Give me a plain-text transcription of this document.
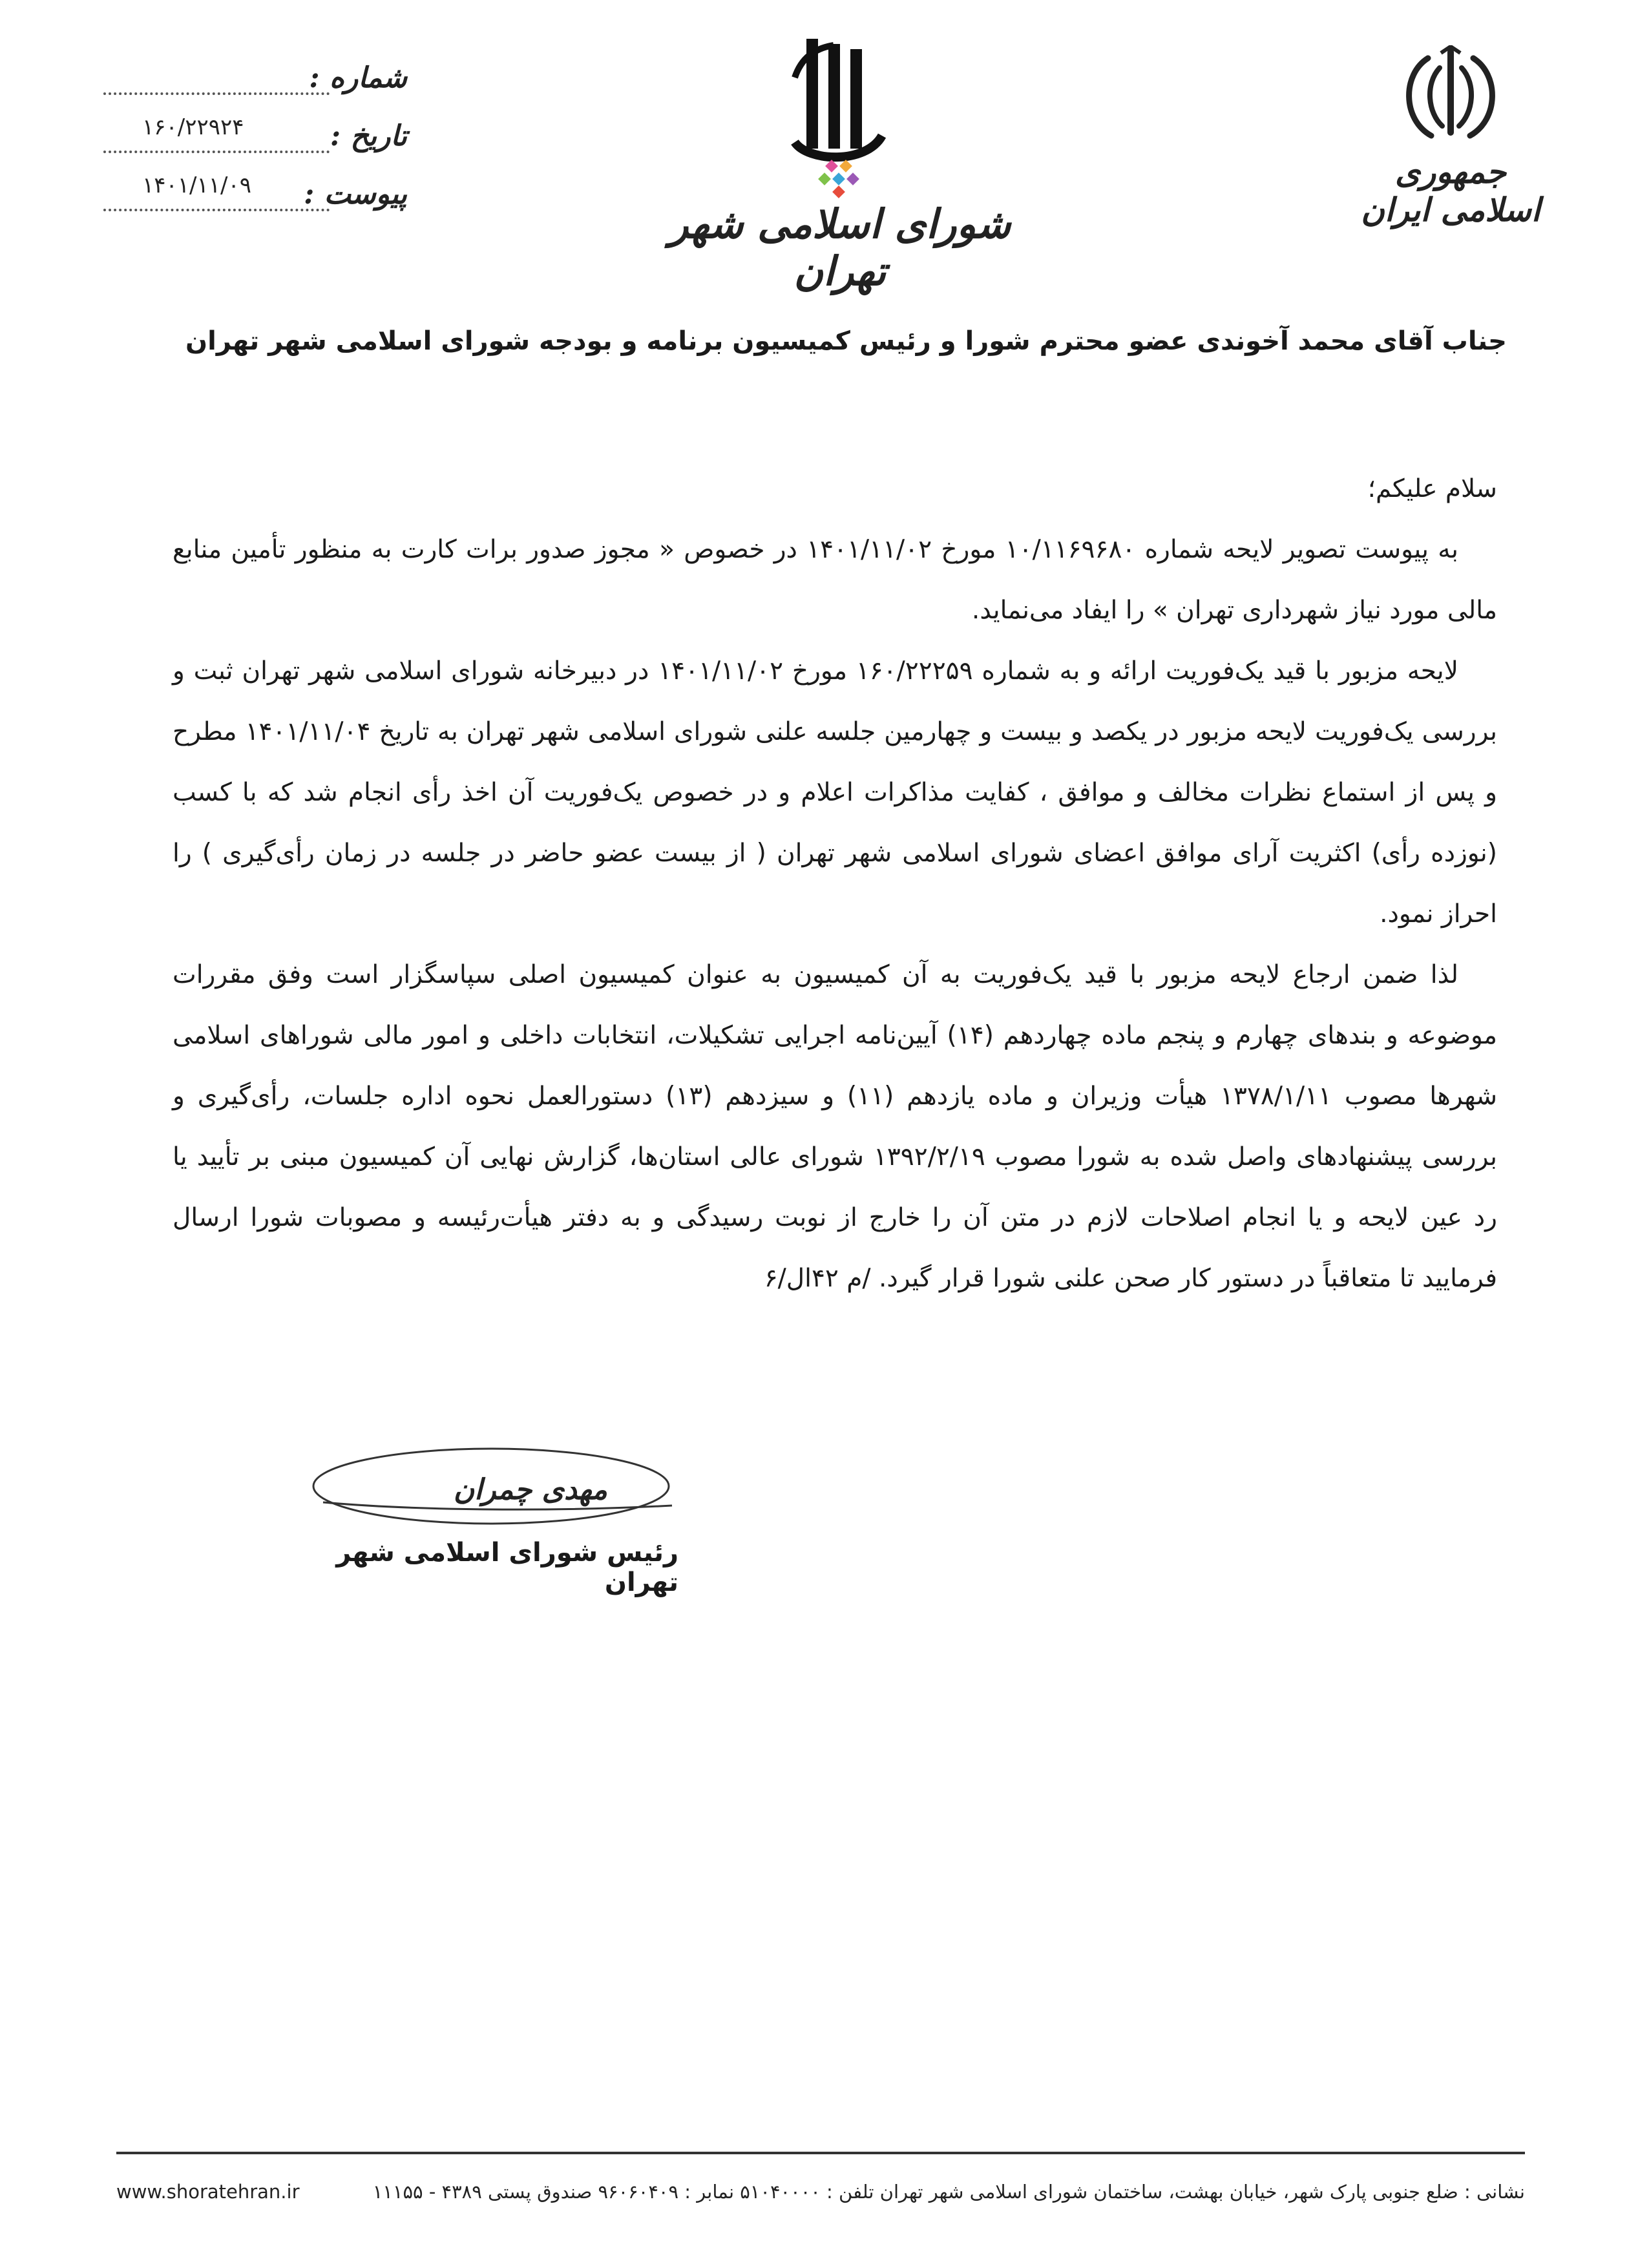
جمهوری اسلامی ایران
شورای اسلامی شهر تهران
شماره :
۱۶۰/۲۲۹۲۴	تاریخ :
۱۴۰۱/۱۱/۰۹ پیوست :
جناب آقای محمد آخوندی عضو محترم شورا و رئیس کمیسیون برنامه و بودجه شورای اسلامی شهر تهران

سلام علیکم؛

به پیوست تصویر لایحه شماره ۱۰/۱۱۶۹۶۸۰ مورخ ۱۴۰۱/۱۱/۰۲ در خصوص « مجوز صدور برات کارت به منظور تأمین منابع مالی مورد نیاز شهرداری تهران » را ایفاد می‌نماید.

لایحه مزبور با قید یک‌فوریت ارائه و به شماره ۱۶۰/۲۲۲۵۹ مورخ ۱۴۰۱/۱۱/۰۲ در دبیرخانه شورای اسلامی شهر تهران ثبت و بررسی یک‌فوریت لایحه مزبور در یکصد و بیست و چهارمین جلسه علنی شورای اسلامی شهر تهران به تاریخ ۱۴۰۱/۱۱/۰۴ مطرح و پس از استماع نظرات مخالف و موافق ، کفایت مذاکرات اعلام و در خصوص یک‌فوریت آن اخذ رأی انجام شد که با کسب (نوزده رأی) اکثریت آرای موافق اعضای شورای اسلامی شهر تهران ( از بیست عضو حاضر در جلسه در زمان رأی‌گیری ) را احراز نمود.

لذا ضمن ارجاع لایحه مزبور با قید یک‌فوریت به آن کمیسیون به عنوان کمیسیون اصلی سپاسگزار است وفق مقررات موضوعه و بندهای چهارم و پنجم ماده چهاردهم (۱۴) آیین‌نامه اجرایی تشکیلات، انتخابات داخلی و امور مالی شوراهای اسلامی شهرها مصوب ۱۳۷۸/۱/۱۱ هیأت وزیران و ماده یازدهم (۱۱) و سیزدهم (۱۳) دستورالعمل نحوه اداره جلسات، رأی‌گیری و بررسی پیشنهادهای واصل شده به شورا مصوب ۱۳۹۲/۲/۱۹ شورای عالی استان‌ها، گزارش نهایی آن کمیسیون مبنی بر تأیید یا رد عین لایحه و یا انجام اصلاحات لازم در متن آن را خارج از نوبت رسیدگی و به دفتر هیأت‌رئیسه و مصوبات شورا ارسال فرمایید تا متعاقباً در دستور کار صحن علنی شورا قرار گیرد. /م ۴۲ال/۶

مهدی چمران
رئیس شورای اسلامی شهر تهران
نشانی : ضلع جنوبی پارک شهر، خیابان بهشت، ساختمان شورای اسلامی شهر تهران تلفن : ۵۱۰۴۰۰۰۰ نمابر : ۹۶۰۶۰۴۰۹ صندوق پستی ۴۳۸۹ - ۱۱۱۵۵
www.shoratehran.ir
